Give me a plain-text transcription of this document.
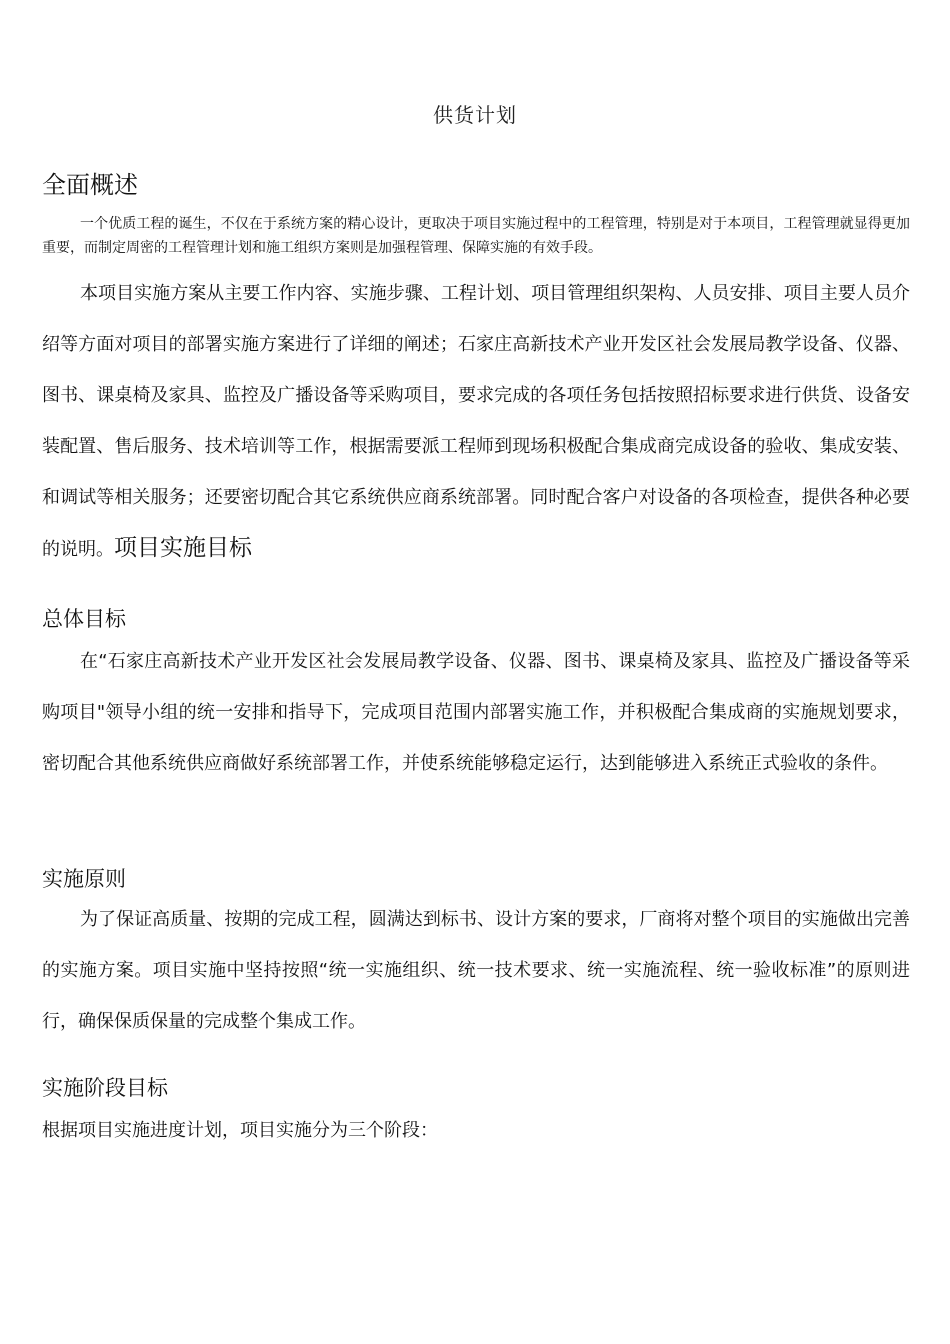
供货计划
全面概述

一个优质工程的诞生，不仅在于系统方案的精心设计，更取决于项目实施过程中的工程管理，特别是对于本项目，工程管理就显得更加重要，而制定周密的工程管理计划和施工组织方案则是加强程管理、保障实施的有效手段。

本项目实施方案从主要工作内容、实施步骤、工程计划、项目管理组织架构、人员安排、项目主要人员介绍等方面对项目的部署实施方案进行了详细的阐述；石家庄高新技术产业开发区社会发展局教学设备、仪器、图书、课桌椅及家具、监控及广播设备等采购项目，要求完成的各项任务包括按照招标要求进行供货、设备安装配置、售后服务、技术培训等工作，根据需要派工程师到现场积极配合集成商完成设备的验收、集成安装、和调试等相关服务；还要密切配合其它系统供应商系统部署。同时配合客户对设备的各项检查，提供各种必要的说明。项目实施目标

总体目标

在“石家庄高新技术产业开发区社会发展局教学设备、仪器、图书、课桌椅及家具、监控及广播设备等采购项目"领导小组的统一安排和指导下，完成项目范围内部署实施工作，并积极配合集成商的实施规划要求，密切配合其他系统供应商做好系统部署工作，并使系统能够稳定运行，达到能够进入系统正式验收的条件。

实施原则

为了保证高质量、按期的完成工程，圆满达到标书、设计方案的要求，厂商将对整个项目的实施做出完善的实施方案。项目实施中坚持按照“统一实施组织、统一技术要求、统一实施流程、统一验收标准”的原则进行，确保保质保量的完成整个集成工作。

实施阶段目标

根据项目实施进度计划，项目实施分为三个阶段：
